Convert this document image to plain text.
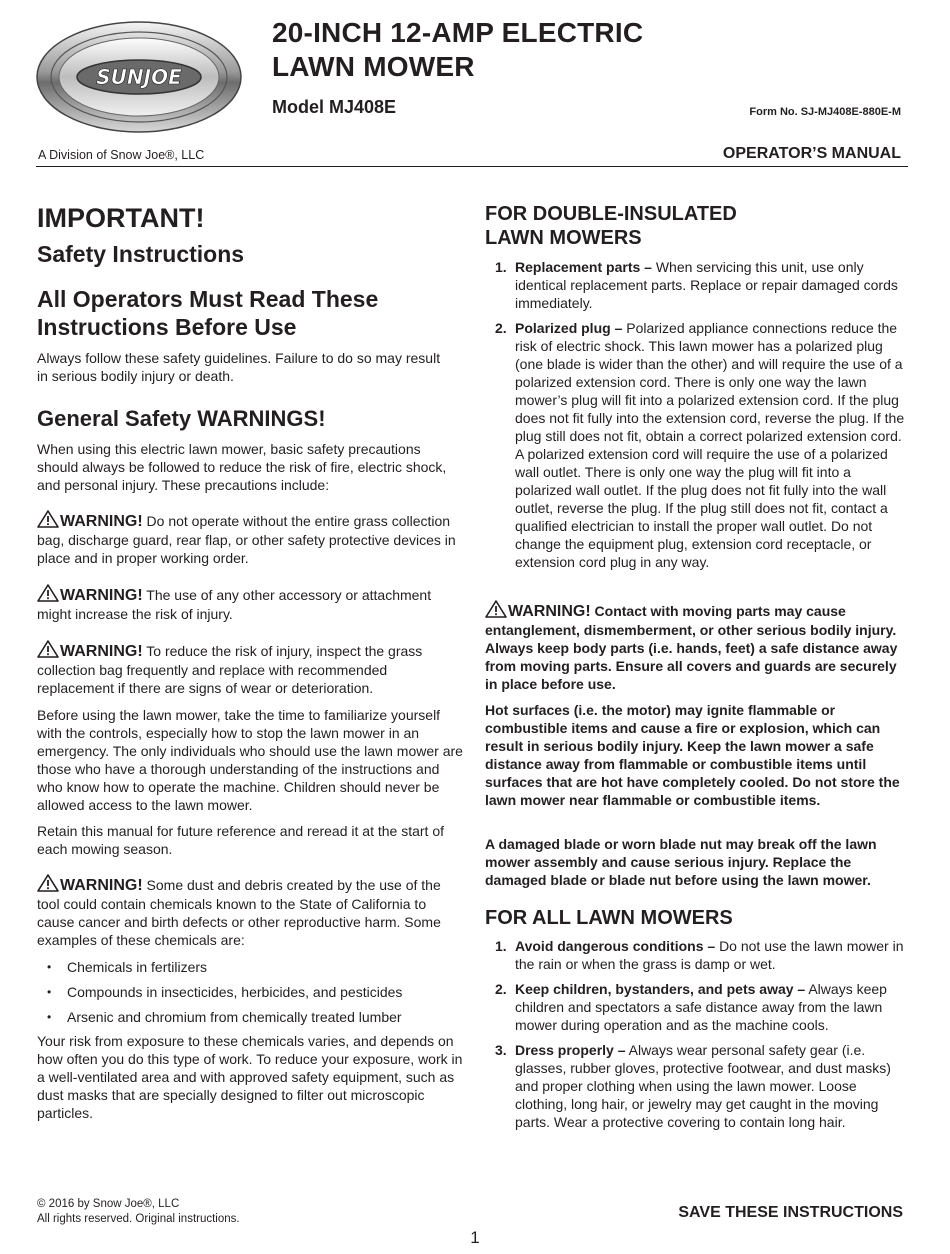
SUNJOE
20-INCH 12-AMP ELECTRIC
LAWN MOWER
Model MJ408E	Form No. SJ-MJ408E-880E-M
A Division of Snow Joe®, LLC	OPERATOR’S MANUAL

IMPORTANT!

Safety Instructions

All Operators Must Read These
Instructions Before Use

Always follow these safety guidelines. Failure to do so may result in serious bodily injury or death.

General Safety WARNINGS!

When using this electric lawn mower, basic safety precautions should always be followed to reduce the risk of fire, electric shock, and personal injury. These precautions include:

WARNING! Do not operate without the entire grass collection bag, discharge guard, rear flap, or other safety protective devices in place and in proper working order.

WARNING! The use of any other accessory or attachment might increase the risk of injury.

WARNING! To reduce the risk of injury, inspect the grass collection bag frequently and replace with recommended replacement if there are signs of wear or deterioration.

Before using the lawn mower, take the time to familiarize yourself with the controls, especially how to stop the lawn mower in an emergency. The only individuals who should use the lawn mower are those who have a thorough understanding of the instructions and who know how to operate the machine. Children should never be allowed access to the lawn mower.

Retain this manual for future reference and reread it at the start of each mowing season.

WARNING! Some dust and debris created by the use of the tool could contain chemicals known to the State of California to cause cancer and birth defects or other reproductive harm. Some examples of these chemicals are:

• Chemicals in fertilizers
• Compounds in insecticides, herbicides, and pesticides
• Arsenic and chromium from chemically treated lumber

Your risk from exposure to these chemicals varies, and depends on how often you do this type of work. To reduce your exposure, work in a well-ventilated area and with approved safety equipment, such as dust masks that are specially designed to filter out microscopic particles.

FOR DOUBLE-INSULATED
LAWN MOWERS

1. Replacement parts – When servicing this unit, use only identical replacement parts. Replace or repair damaged cords immediately.
2. Polarized plug – Polarized appliance connections reduce the risk of electric shock. This lawn mower has a polarized plug (one blade is wider than the other) and will require the use of a polarized extension cord. There is only one way the lawn mower’s plug will fit into a polarized extension cord. If the plug does not fit fully into the extension cord, reverse the plug. If the plug still does not fit, obtain a correct polarized extension cord. A polarized extension cord will require the use of a polarized wall outlet. There is only one way the plug will fit into a polarized wall outlet. If the plug does not fit fully into the wall outlet, reverse the plug. If the plug still does not fit, contact a qualified electrician to install the proper wall outlet. Do not change the equipment plug, extension cord receptacle, or extension cord plug in any way.

WARNING! Contact with moving parts may cause entanglement, dismemberment, or other serious bodily injury. Always keep body parts (i.e. hands, feet) a safe distance away from moving parts. Ensure all covers and guards are securely in place before use.

Hot surfaces (i.e. the motor) may ignite flammable or combustible items and cause a fire or explosion, which can result in serious bodily injury. Keep the lawn mower a safe distance away from flammable or combustible items until surfaces that are hot have completely cooled. Do not store the lawn mower near flammable or combustible items.

A damaged blade or worn blade nut may break off the lawn mower assembly and cause serious injury. Replace the damaged blade or blade nut before using the lawn mower.

FOR ALL LAWN MOWERS

1. Avoid dangerous conditions – Do not use the lawn mower in the rain or when the grass is damp or wet.
2. Keep children, bystanders, and pets away – Always keep children and spectators a safe distance away from the lawn mower during operation and as the machine cools.
3. Dress properly – Always wear personal safety gear (i.e. glasses, rubber gloves, protective footwear, and dust masks) and proper clothing when using the lawn mower. Loose clothing, long hair, or jewelry may get caught in the moving parts. Wear a protective covering to contain long hair.
© 2016 by Snow Joe®, LLC
All rights reserved. Original instructions.	SAVE THESE INSTRUCTIONS
1
